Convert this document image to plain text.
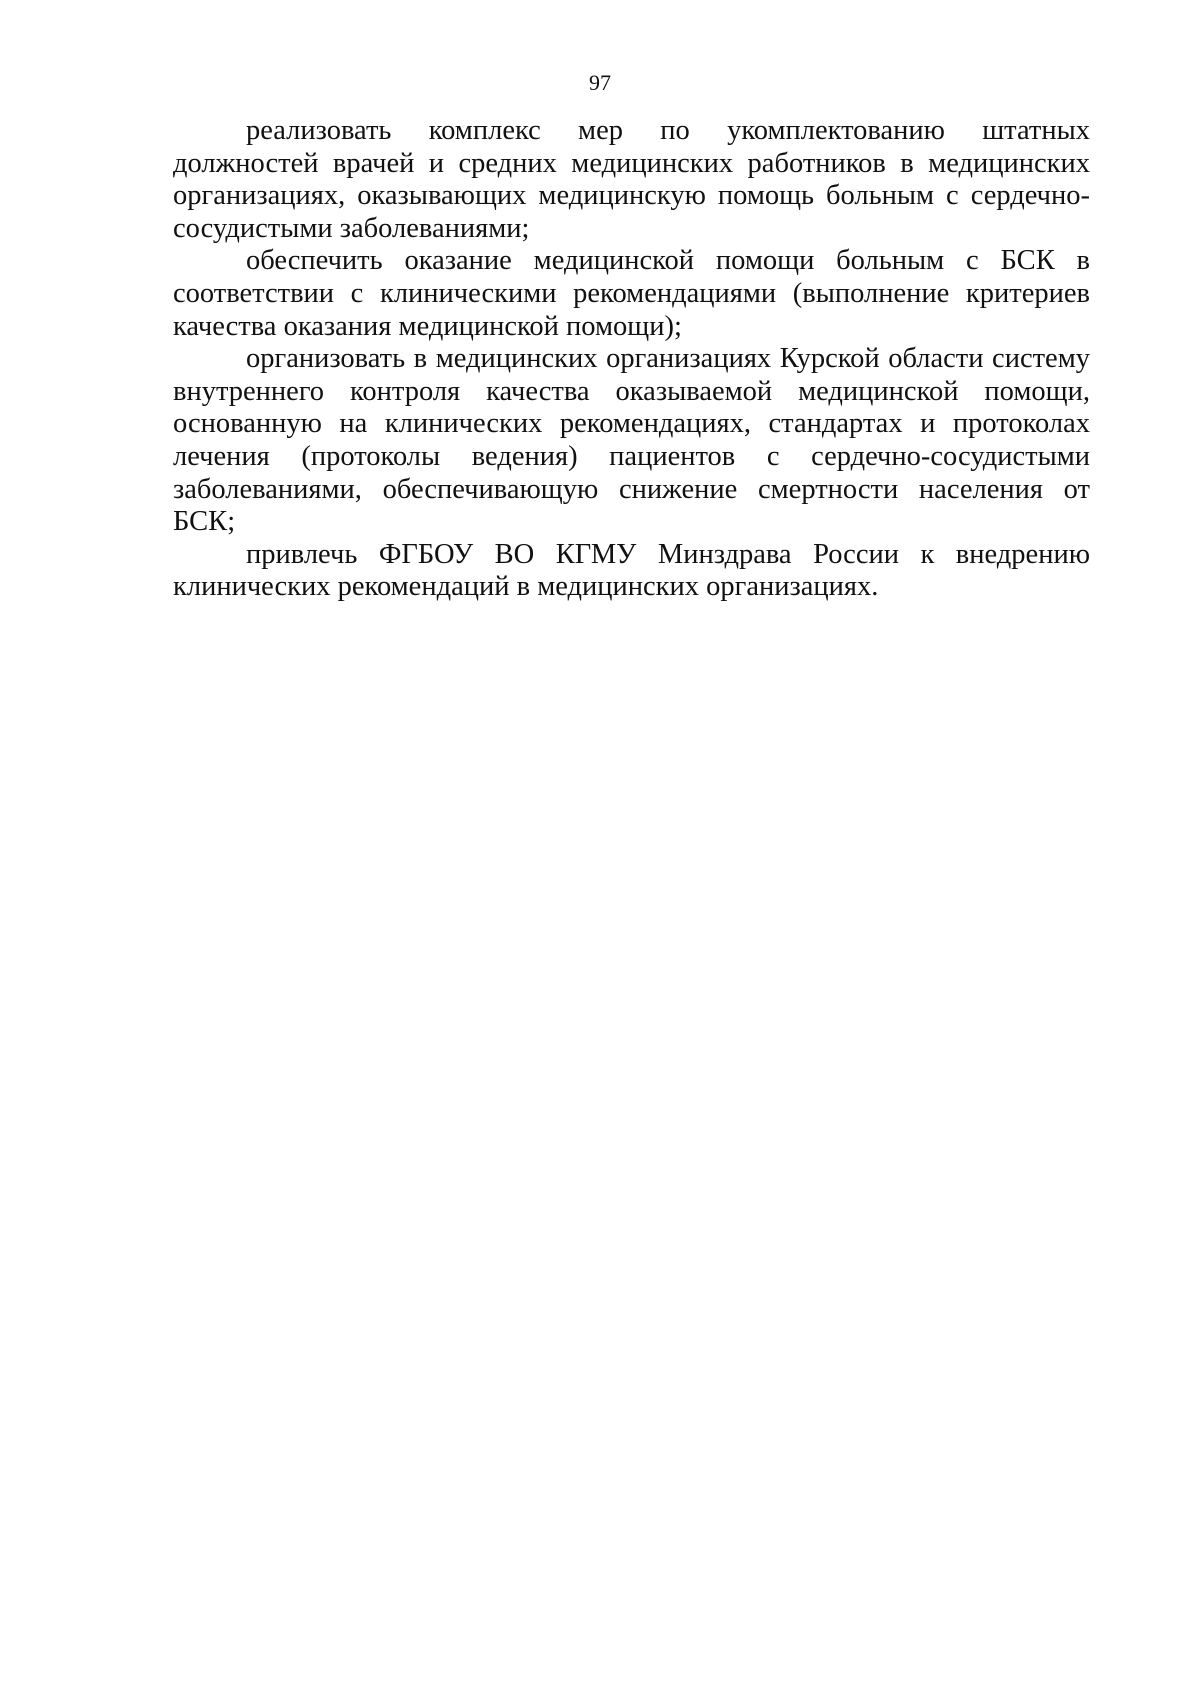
97

реализовать комплекс мер по укомплектованию штатных должностей врачей и средних медицинских работников в медицинских организациях, оказывающих медицинскую помощь больным с сердечно-сосудистыми заболеваниями;

обеспечить оказание медицинской помощи больным с БСК в соответствии с клиническими рекомендациями (выполнение критериев качества оказания медицинской помощи);

организовать в медицинских организациях Курской области систему внутреннего контроля качества оказываемой медицинской помощи, основанную на клинических рекомендациях, стандартах и протоколах лечения (протоколы ведения) пациентов с сердечно-сосудистыми заболеваниями, обеспечивающую снижение смертности населения от БСК;

привлечь ФГБОУ ВО КГМУ Минздрава России к внедрению клинических рекомендаций в медицинских организациях.
